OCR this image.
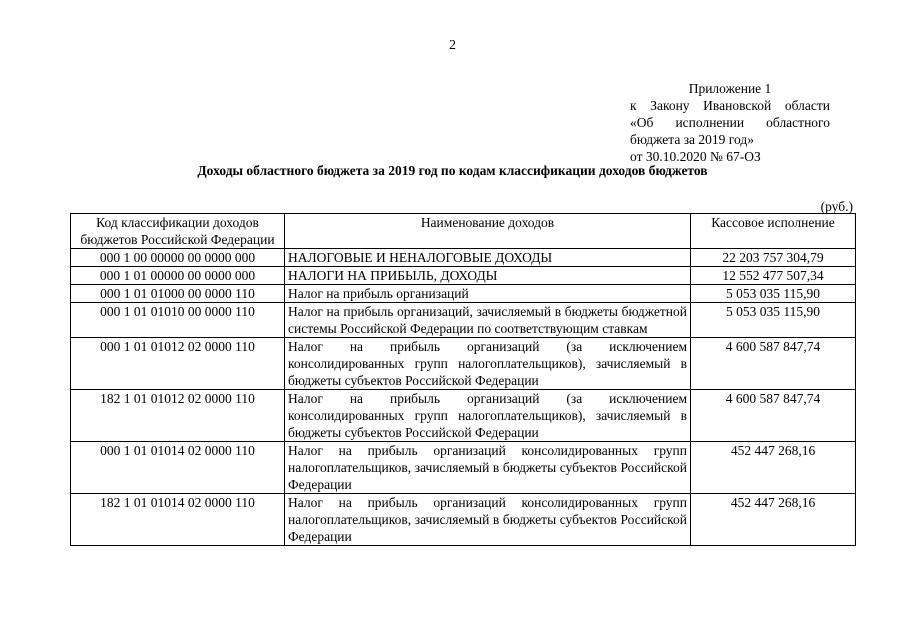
2
Приложение 1
к Закону Ивановской области
«Об исполнении областного
бюджета за 2019 год»
от 30.10.2020 № 67-ОЗ
Доходы областного бюджета за 2019 год по кодам классификации доходов бюджетов
(руб.)
Код классификации доходов бюджетов Российской Федерации	Наименование доходов	Кассовое исполнение
000 1 00 00000 00 0000 000	НАЛОГОВЫЕ И НЕНАЛОГОВЫЕ ДОХОДЫ	22 203 757 304,79
000 1 01 00000 00 0000 000	НАЛОГИ НА ПРИБЫЛЬ, ДОХОДЫ	12 552 477 507,34
000 1 01 01000 00 0000 110	Налог на прибыль организаций	5 053 035 115,90
000 1 01 01010 00 0000 110	Налог на прибыль организаций, зачисляемый в бюджеты бюджетной системы Российской Федерации по соответствующим ставкам	5 053 035 115,90
000 1 01 01012 02 0000 110	Налог на прибыль организаций (за исключением консолидированных групп налогоплательщиков), зачисляемый в бюджеты субъектов Российской Федерации	4 600 587 847,74
182 1 01 01012 02 0000 110	Налог на прибыль организаций (за исключением консолидированных групп налогоплательщиков), зачисляемый в бюджеты субъектов Российской Федерации	4 600 587 847,74
000 1 01 01014 02 0000 110	Налог на прибыль организаций консолидированных групп налогоплательщиков, зачисляемый в бюджеты субъектов Российской Федерации	452 447 268,16
182 1 01 01014 02 0000 110	Налог на прибыль организаций консолидированных групп налогоплательщиков, зачисляемый в бюджеты субъектов Российской Федерации	452 447 268,16
